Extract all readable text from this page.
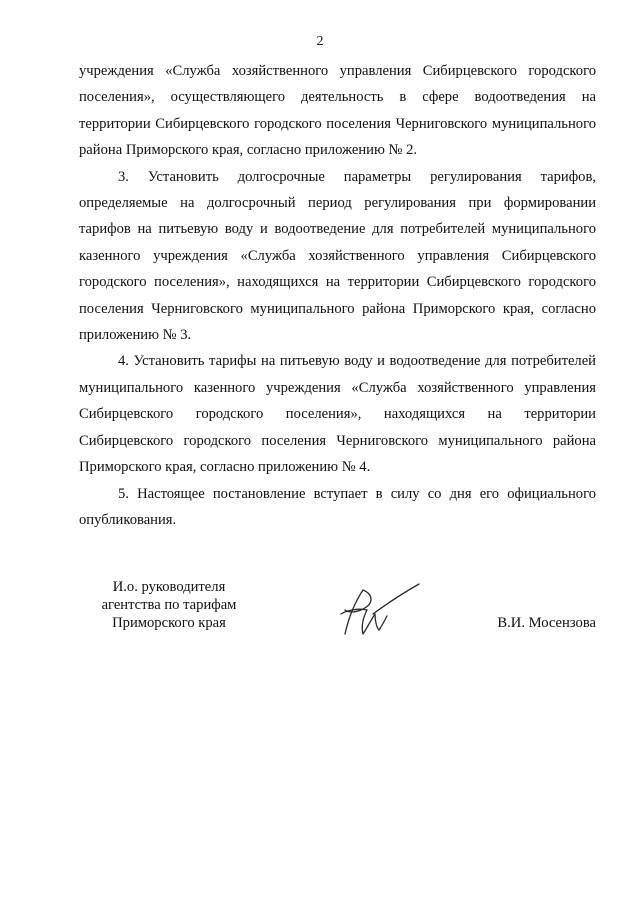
2

учреждения «Служба хозяйственного управления Сибирцевского городского поселения», осуществляющего деятельность в сфере водоотведения на территории Сибирцевского городского поселения Черниговского муниципального района Приморского края, согласно приложению № 2.

3. Установить долгосрочные параметры регулирования тарифов, определяемые на долгосрочный период регулирования при формировании тарифов на питьевую воду и водоотведение для потребителей муниципального казенного учреждения «Служба хозяйственного управления Сибирцевского городского поселения», находящихся на территории Сибирцевского городского поселения Черниговского муниципального района Приморского края, согласно приложению № 3.

4. Установить тарифы на питьевую воду и водоотведение для потребителей муниципального казенного учреждения «Служба хозяйственного управления Сибирцевского городского поселения», находящихся на территории Сибирцевского городского поселения Черниговского муниципального района Приморского края, согласно приложению № 4.

5. Настоящее постановление вступает в силу со дня его официального опубликования.

И.о. руководителя
агентства по тарифам
Приморского края	В.И. Мосензова
